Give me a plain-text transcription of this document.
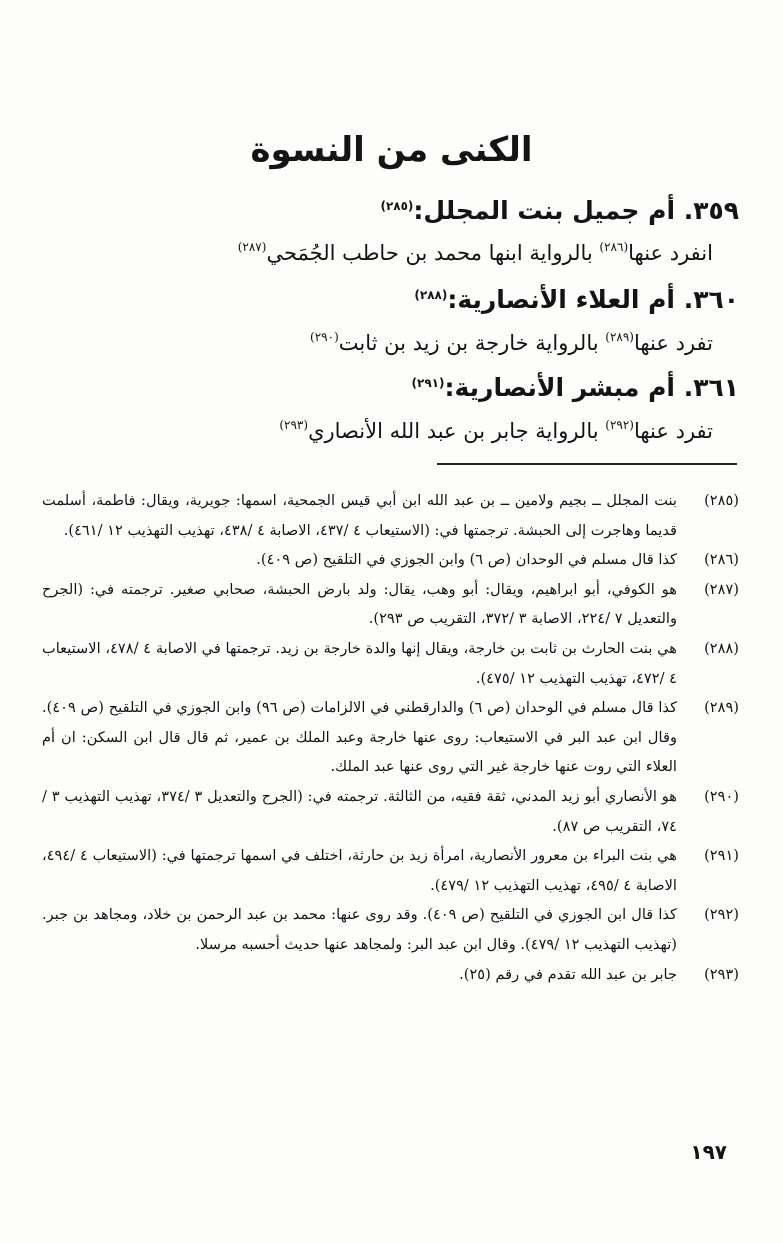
الكنى من النسوة
٣٥٩. أم جميل بنت المجلل:$^{(٢٨٥)}$
انفرد عنها$^{(٢٨٦)}$ بالرواية ابنها محمد بن حاطب الجُمَحي$^{(٢٨٧)}$
٣٦٠. أم العلاء الأنصارية:$^{(٢٨٨)}$
تفرد عنها$^{(٢٨٩)}$ بالرواية خارجة بن زيد بن ثابت$^{(٢٩٠)}$
٣٦١. أم مبشر الأنصارية:$^{(٢٩١)}$
تفرد عنها$^{(٢٩٢)}$ بالرواية جابر بن عبد الله الأنصاري$^{(٢٩٣)}$
(٢٨٥)
بنت المجلل ــ بجيم ولامين ــ بن عبد الله ابن أبي قيس الجمحية، اسمها: جويرية، ويقال: فاطمة، أسلمت قديما وهاجرت إلى الحبشة. ترجمتها في: (الاستيعاب ٤ /٤٣٧، الاصابة ٤ /٤٣٨، تهذيب التهذيب ١٢ /٤٦١).
(٢٨٦)
كذا قال مسلم في الوحدان (ص ٦) وابن الجوزي في التلقيح (ص ٤٠٩).
(٢٨٧)
هو الكوفي، أبو ابراهيم، ويقال: أبو وهب، يقال: ولد بارض الحبشة، صحابي صغير. ترجمته في: (الجرح والتعديل ٧ /٢٢٤، الاصابة ٣ /٣٧٢، التقريب ص ٢٩٣).
(٢٨٨)
هي بنت الحارث بن ثابت بن خارجة، ويقال إنها والدة خارجة بن زيد. ترجمتها في الاصابة ٤ /٤٧٨، الاستيعاب ٤ /٤٧٢، تهذيب التهذيب ١٢ /٤٧٥).
(٢٨٩)
كذا قال مسلم في الوحدان (ص ٦) والدارقطني في الالزامات (ص ٩٦) وابن الجوزي في التلقيح (ص ٤٠٩). وقال ابن عبد البر في الاستيعاب: روى عنها خارجة وعبد الملك بن عمير، ثم قال قال ابن السكن: ان أم العلاء التي روت عنها خارجة غير التي روى عنها عبد الملك.
(٢٩٠)
هو الأنصاري أبو زيد المدني، ثقة فقيه، من الثالثة. ترجمته في: (الجرح والتعديل ٣ /٣٧٤، تهذيب التهذيب ٣ /٧٤، التقريب ص ٨٧).
(٢٩١)
هي بنت البراء بن معرور الأنصارية، امرأة زيد بن حارثة، اختلف في اسمها ترجمتها في: (الاستيعاب ٤ /٤٩٤، الاصابة ٤ /٤٩٥، تهذيب التهذيب ١٢ /٤٧٩).
(٢٩٢)
كذا قال ابن الجوزي في التلقيح (ص ٤٠٩). وقد روى عنها: محمد بن عبد الرحمن بن خلاد، ومجاهد بن جبر. (تهذيب التهذيب ١٢ /٤٧٩). وقال ابن عبد البر: ولمجاهد عنها حديث أحسبه مرسلا.
(٢٩٣)
جابر بن عبد الله تقدم في رقم (٢٥).
١٩٧
